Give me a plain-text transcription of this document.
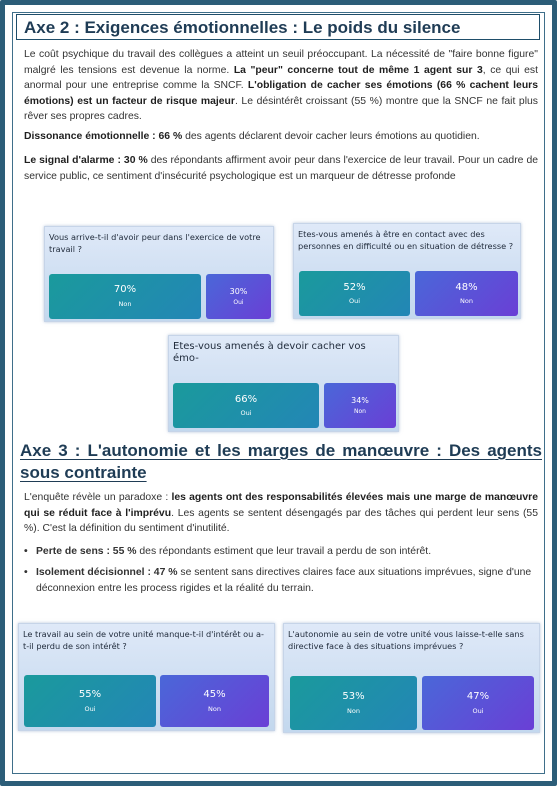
Axe 2 : Exigences émotionnelles : Le poids du silence

Le coût psychique du travail des collègues a atteint un seuil préoccupant. La nécessité de "faire bonne figure" malgré les tensions est devenue la norme. La "peur" concerne tout de même 1 agent sur 3, ce qui est anormal pour une entreprise comme la SNCF. L'obligation de cacher ses émotions (66 % cachent leurs émotions) est un facteur de risque majeur. Le désintérêt croissant (55 %) montre que la SNCF ne fait plus rêver ses propres cadres.

Dissonance émotionnelle : 66 % des agents déclarent devoir cacher leurs émotions au quotidien.

Le signal d'alarme : 30 % des répondants affirment avoir peur dans l'exercice de leur travail. Pour un cadre de service public, ce sentiment d'insécurité psychologique est un marqueur de détresse profonde

Vous arrive-t-il d'avoir peur dans l'exercice de votre travail ?
70%
Non
30%
Oui
Etes-vous amenés à être en contact avec des personnes en difficulté ou en situation de détresse ?
52%
Oui
48%
Non
Etes-vous amenés à devoir cacher vos émo-
66%
Oui
34%
Non
Axe 3 : L'autonomie et les marges de manœuvre : Des agents sous contrainte

L'enquête révèle un paradoxe : les agents ont des responsabilités élevées mais une marge de manœuvre qui se réduit face à l'imprévu. Les agents se sentent désengagés par des tâches qui perdent leur sens (55 %). C'est la définition du sentiment d'inutilité.

• Perte de sens : 55 % des répondants estiment que leur travail a perdu de son intérêt.
• Isolement décisionnel : 47 % se sentent sans directives claires face aux situations imprévues, signe d'une déconnexion entre les process rigides et la réalité du terrain.
Le travail au sein de votre unité manque-t-il d'intérêt ou a-t-il perdu de son intérêt ?
55%
Oui
45%
Non
L'autonomie au sein de votre unité vous laisse-t-elle sans directive face à des situations imprévues ?
53%
Non
47%
Oui
